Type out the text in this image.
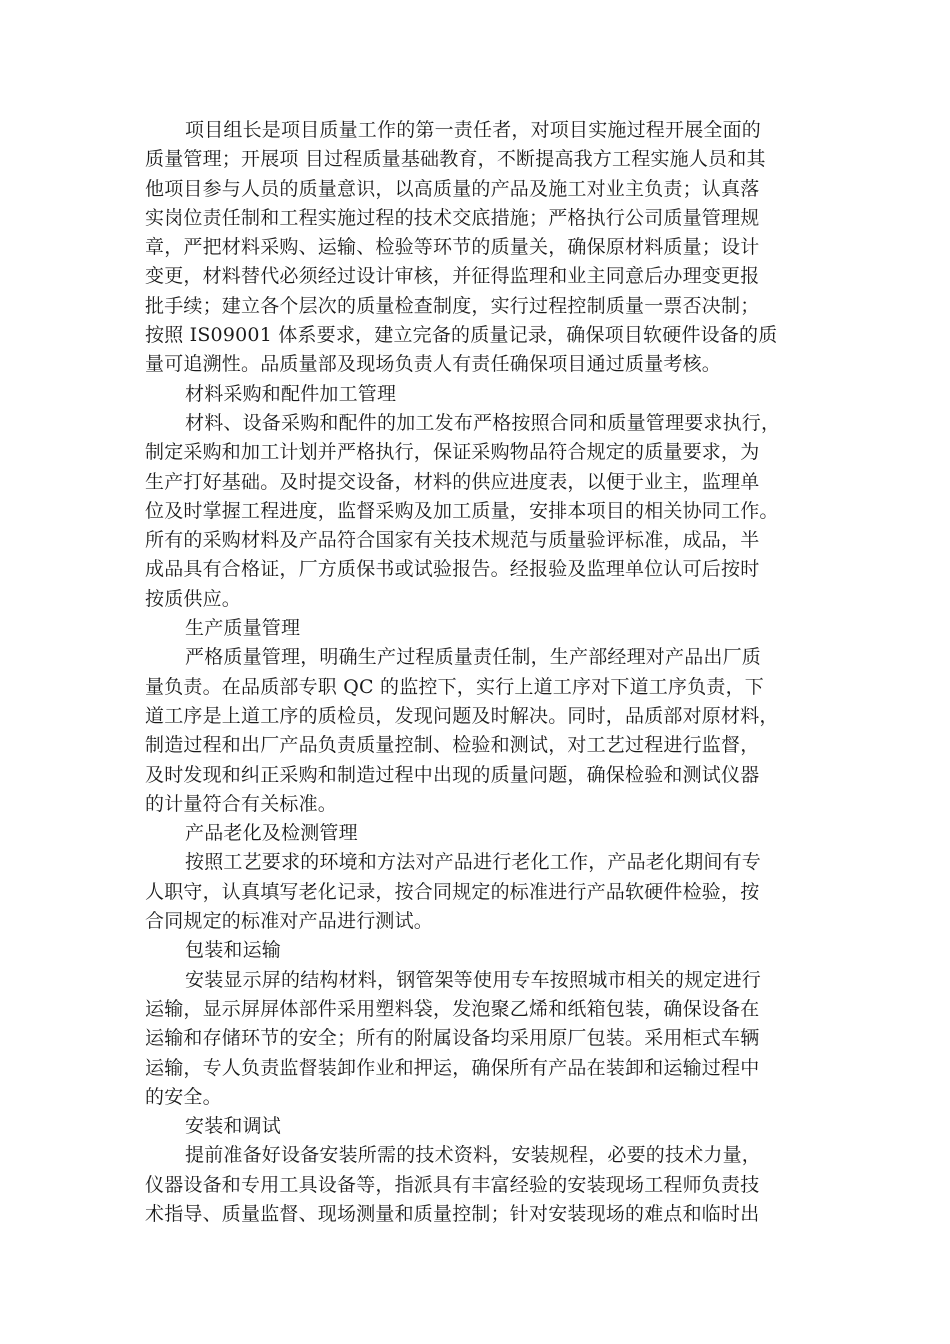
项目组长是项目质量工作的第一责任者，对项目实施过程开展全面的
质量管理；开展项 目过程质量基础教育，不断提高我方工程实施人员和其
他项目参与人员的质量意识，以高质量的产品及施工对业主负责；认真落
实岗位责任制和工程实施过程的技术交底措施；严格执行公司质量管理规
章，严把材料采购、运输、检验等环节的质量关，确保原材料质量；设计
变更，材料替代必须经过设计审核，并征得监理和业主同意后办理变更报
批手续；建立各个层次的质量检查制度，实行过程控制质量一票否决制；
按照 IS09001 体系要求，建立完备的质量记录，确保项目软硬件设备的质
量可追溯性。品质量部及现场负责人有责任确保项目通过质量考核。
材料采购和配件加工管理
材料、设备采购和配件的加工发布严格按照合同和质量管理要求执行，
制定采购和加工计划并严格执行，保证采购物品符合规定的质量要求，为
生产打好基础。及时提交设备，材料的供应进度表，以便于业主，监理单
位及时掌握工程进度，监督采购及加工质量，安排本项目的相关协同工作。
所有的采购材料及产品符合国家有关技术规范与质量验评标准，成品，半
成品具有合格证，厂方质保书或试验报告。经报验及监理单位认可后按时
按质供应。
生产质量管理
严格质量管理，明确生产过程质量责任制，生产部经理对产品出厂质
量负责。在品质部专职 QC 的监控下，实行上道工序对下道工序负责，下
道工序是上道工序的质检员，发现问题及时解决。同时，品质部对原材料，
制造过程和出厂产品负责质量控制、检验和测试，对工艺过程进行监督，
及时发现和纠正采购和制造过程中出现的质量问题，确保检验和测试仪器
的计量符合有关标准。
产品老化及检测管理
按照工艺要求的环境和方法对产品进行老化工作，产品老化期间有专
人职守，认真填写老化记录，按合同规定的标准进行产品软硬件检验，按
合同规定的标准对产品进行测试。
包装和运输
安装显示屏的结构材料，钢管架等使用专车按照城市相关的规定进行
运输，显示屏屏体部件采用塑料袋，发泡聚乙烯和纸箱包装，确保设备在
运输和存储环节的安全；所有的附属设备均采用原厂包装。采用柜式车辆
运输，专人负责监督装卸作业和押运，确保所有产品在装卸和运输过程中
的安全。
安装和调试
提前准备好设备安装所需的技术资料，安装规程，必要的技术力量，
仪器设备和专用工具设备等，指派具有丰富经验的安装现场工程师负责技
术指导、质量监督、现场测量和质量控制；针对安装现场的难点和临时出
